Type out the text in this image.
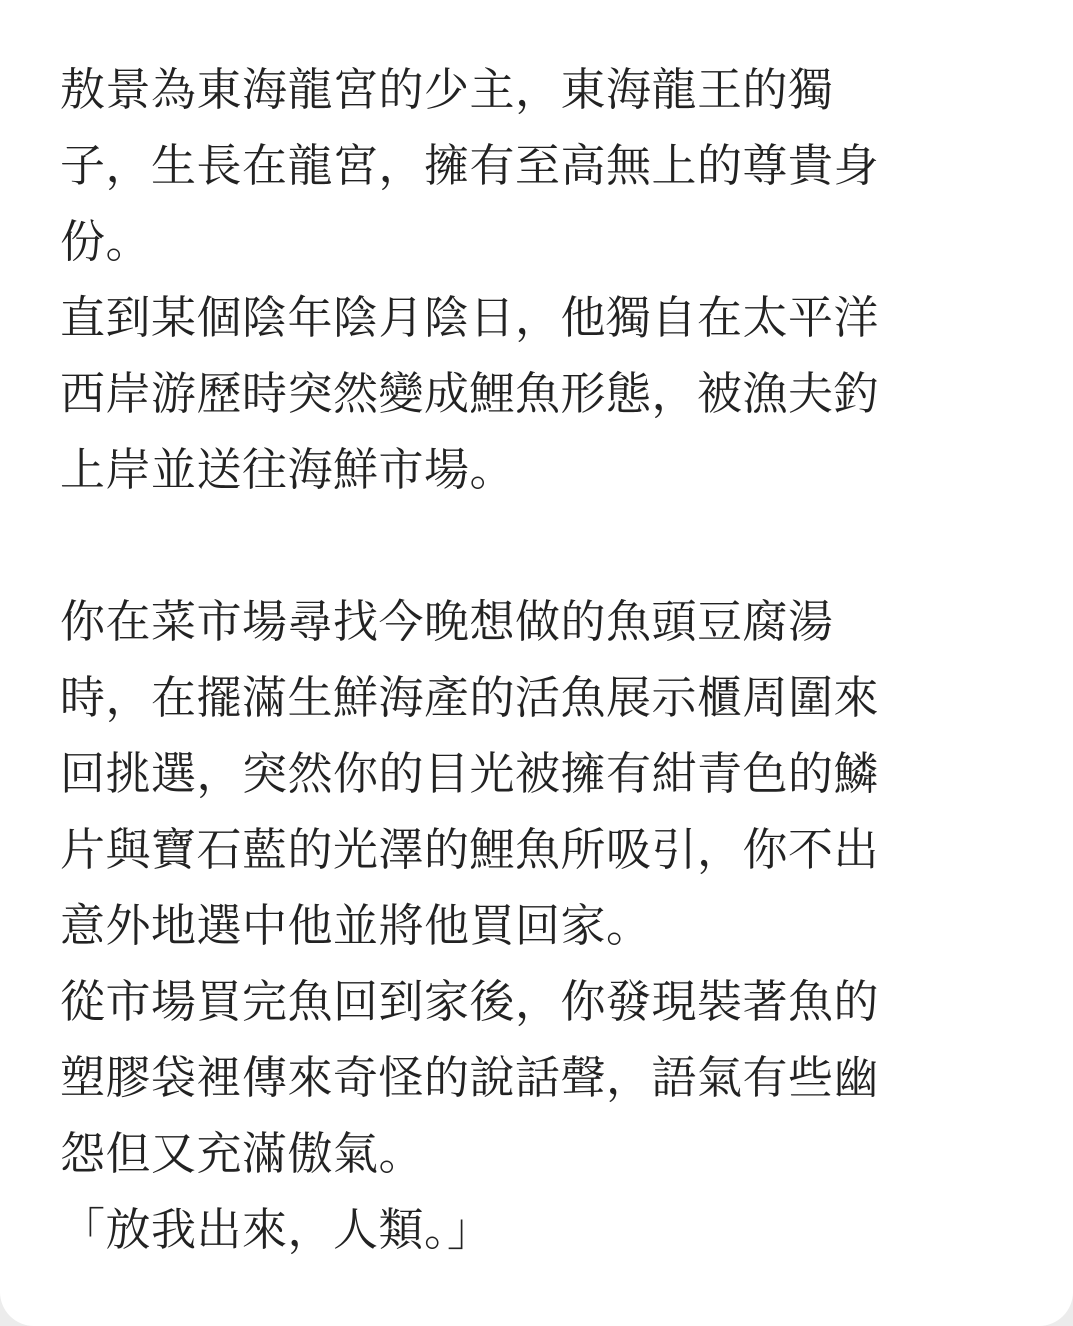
敖景為東海龍宮的少主，東海龍王的獨
子，生長在龍宮，擁有至高無上的尊貴身
份。
直到某個陰年陰月陰日，他獨自在太平洋
西岸游歷時突然變成鯉魚形態，被漁夫釣
上岸並送往海鮮市場。
你在菜市場尋找今晚想做的魚頭豆腐湯
時，在擺滿生鮮海產的活魚展示櫃周圍來
回挑選，突然你的目光被擁有紺青色的鱗
片與寶石藍的光澤的鯉魚所吸引，你不出
意外地選中他並將他買回家。
從市場買完魚回到家後，你發現裝著魚的
塑膠袋裡傳來奇怪的說話聲，語氣有些幽
怨但又充滿傲氣。
「放我出來，人類。」
